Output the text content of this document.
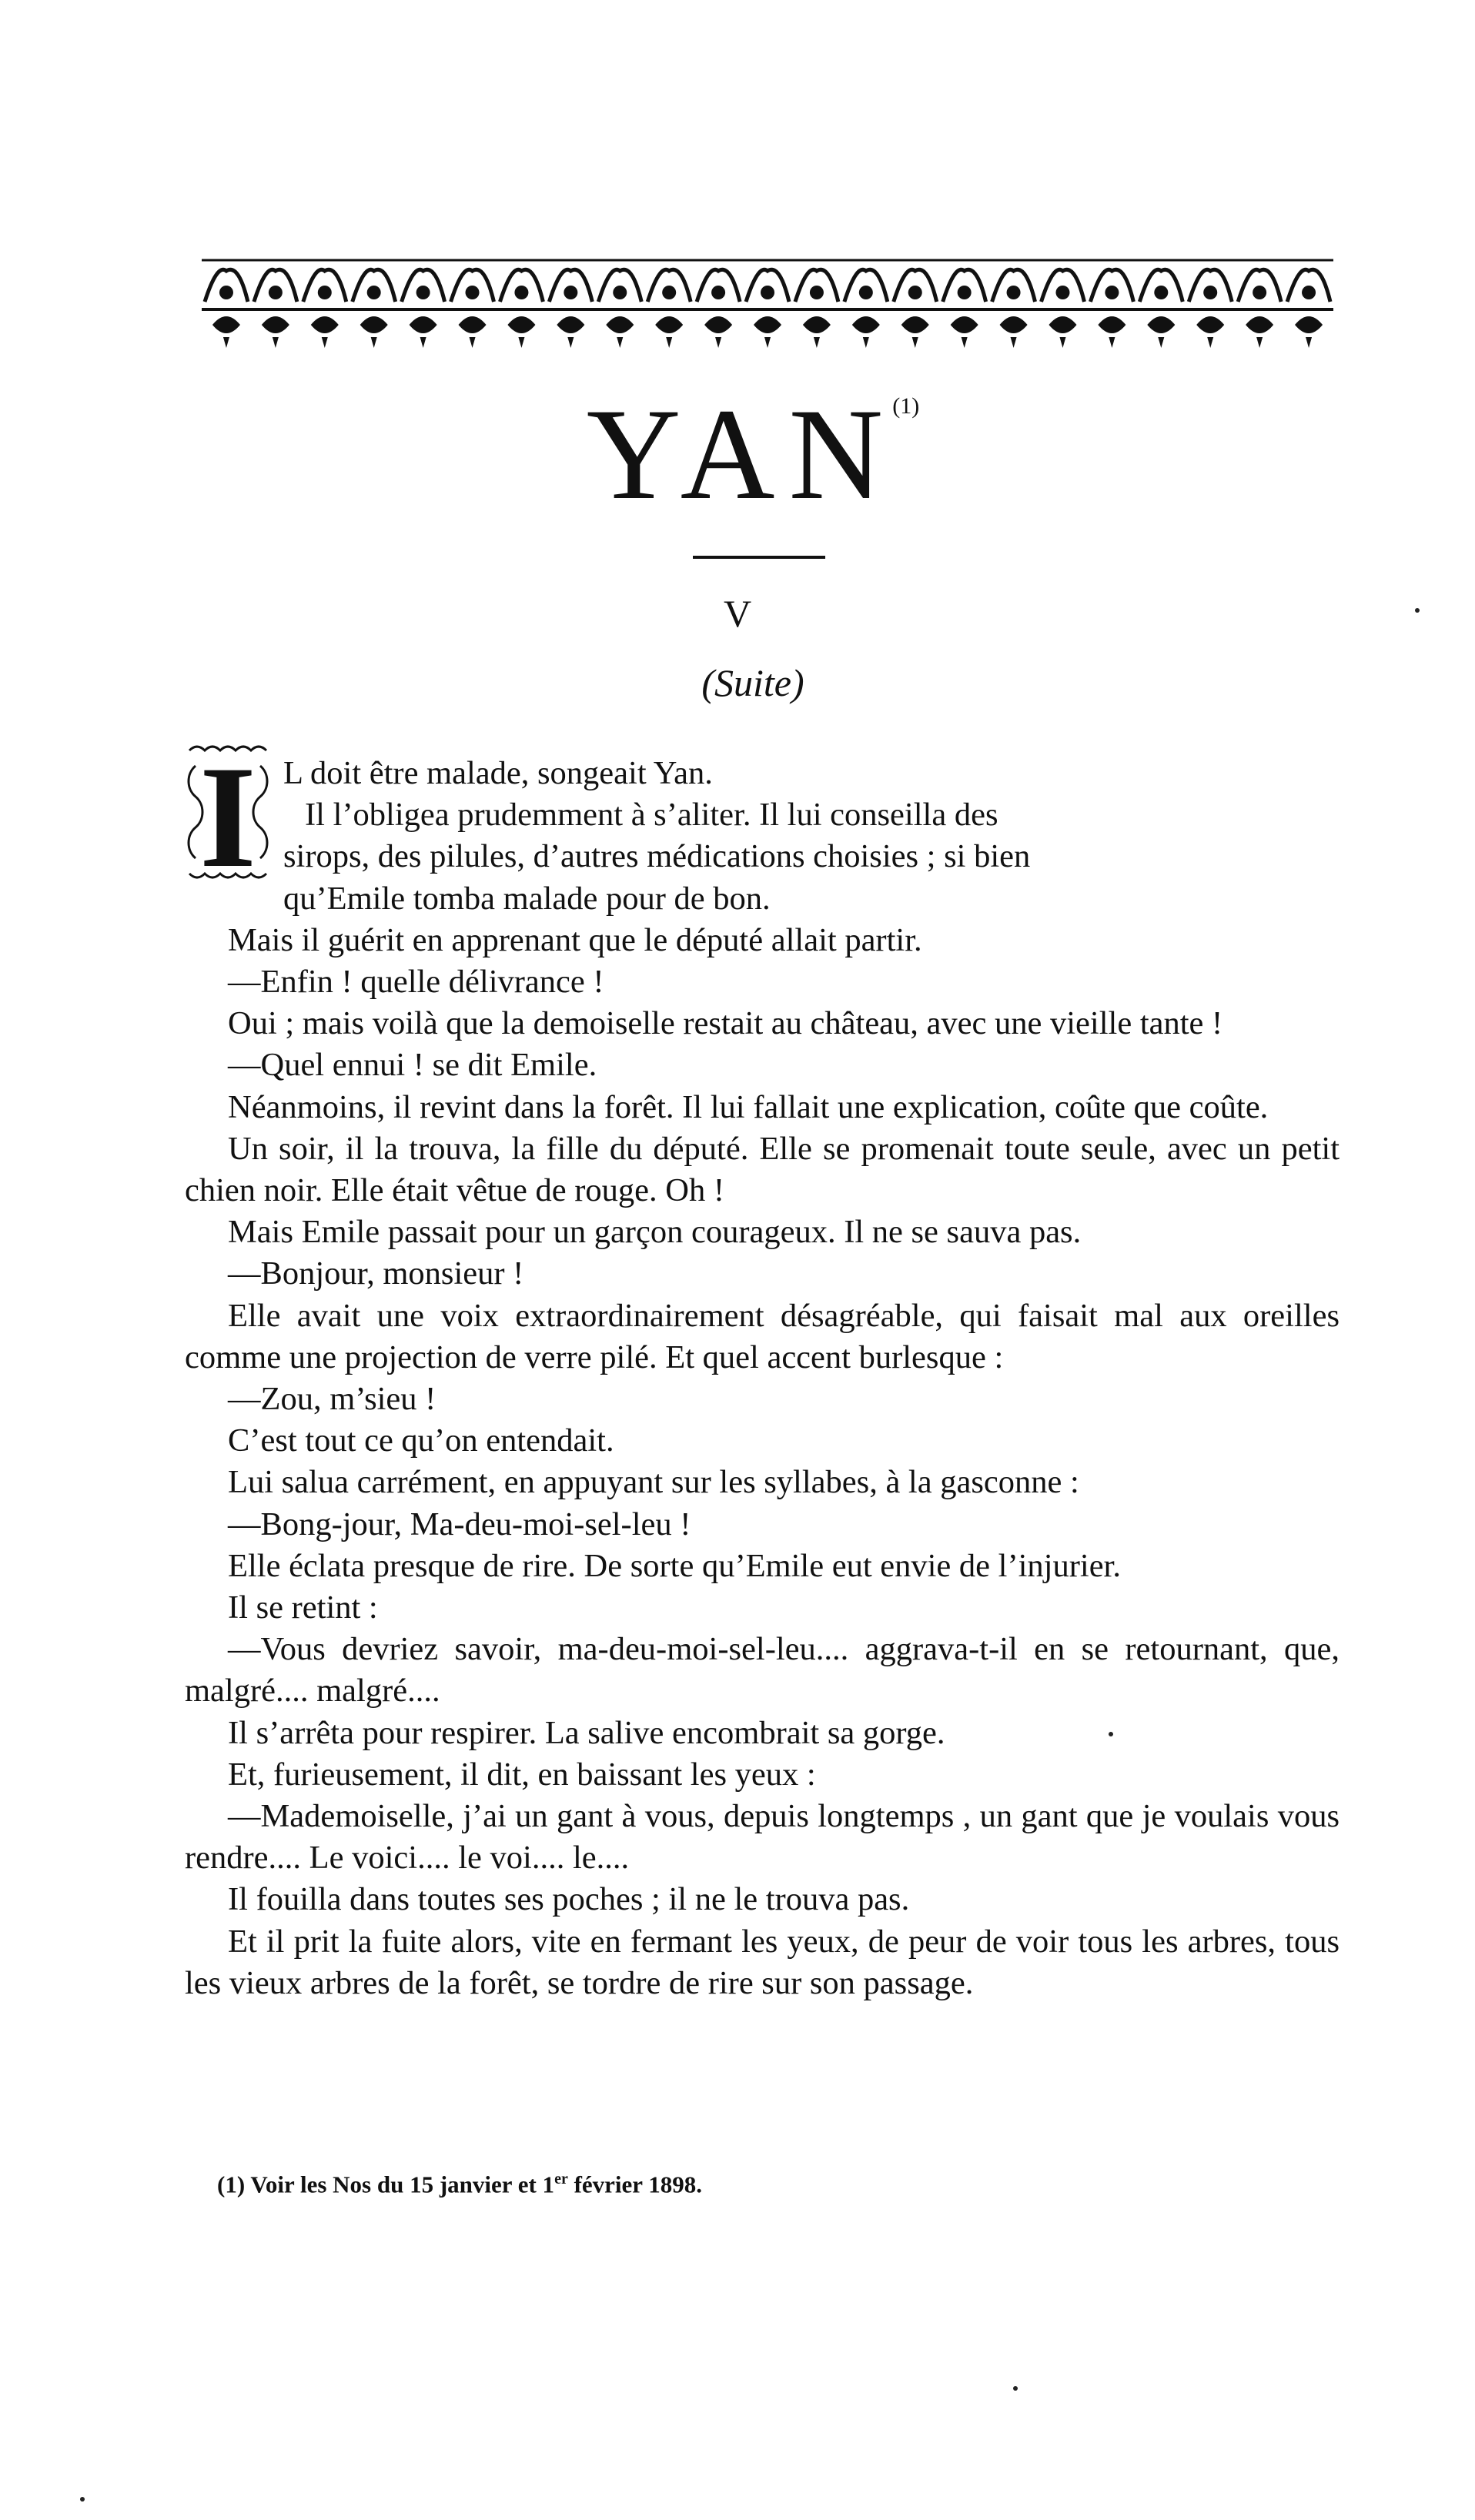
YAN$^{(1)}$
V
(Suite)
I L doit être malade, songeait Yan.

Il l’obligea prudemment à s’aliter. Il lui conseilla des

sirops, des pilules, d’autres médications choisies ; si bien

qu’Emile tomba malade pour de bon.

Mais il guérit en apprenant que le député allait partir.

—Enfin ! quelle délivrance !

Oui ; mais voilà que la demoiselle restait au château, avec une vieille tante !

—Quel ennui ! se dit Emile.

Néanmoins, il revint dans la forêt. Il lui fallait une explication, coûte que coûte.

Un soir, il la trouva, la fille du député. Elle se promenait toute seule, avec un petit chien noir. Elle était vêtue de rouge. Oh !

Mais Emile passait pour un garçon courageux. Il ne se sauva pas.

—Bonjour, monsieur !

Elle avait une voix extraordinairement désagréable, qui faisait mal aux oreilles comme une projection de verre pilé. Et quel accent burlesque :

—Zou, m’sieu !

C’est tout ce qu’on entendait.

Lui salua carrément, en appuyant sur les syllabes, à la gasconne :

—Bong-jour, Ma-deu-moi-sel-leu !

Elle éclata presque de rire. De sorte qu’Emile eut envie de l’injurier.

Il se retint :

—Vous devriez savoir, ma-deu-moi-sel-leu.... aggrava-t-il en se retournant, que, malgré.... malgré....

Il s’arrêta pour respirer. La salive encombrait sa gorge.

Et, furieusement, il dit, en baissant les yeux :

—Mademoiselle, j’ai un gant à vous, depuis longtemps , un gant que je voulais vous rendre.... Le voici.... le voi.... le....

Il fouilla dans toutes ses poches ; il ne le trouva pas.

Et il prit la fuite alors, vite en fermant les yeux, de peur de voir tous les arbres, tous les vieux arbres de la forêt, se tordre de rire sur son passage.

(1) Voir les Nos du 15 janvier et 1er février 1898.
